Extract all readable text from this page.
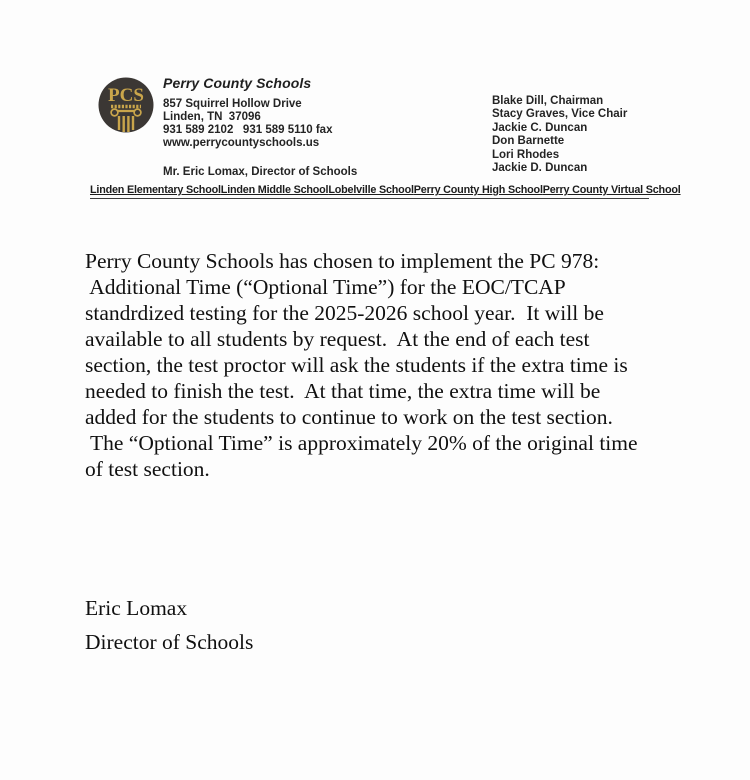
PCS
Perry County Schools
857 Squirrel Hollow Drive
Linden, TN  37096
931 589 2102   931 589 5110 fax
www.perrycountyschools.us
Mr. Eric Lomax, Director of Schools
Blake Dill, Chairman
Stacy Graves, Vice Chair
Jackie C. Duncan
Don Barnette
Lori Rhodes
Jackie D. Duncan
Linden Elementary School Linden Middle School Lobelville School Perry County High School Perry County Virtual School
Perry County Schools has chosen to implement the PC 978:
Additional Time (“Optional Time”) for the EOC/TCAP
standrdized testing for the 2025-2026 school year.  It will be
available to all students by request.  At the end of each test
section, the test proctor will ask the students if the extra time is
needed to finish the test.  At that time, the extra time will be
added for the students to continue to work on the test section.
The “Optional Time” is approximately 20% of the original time
of test section.
Eric Lomax
Director of Schools
